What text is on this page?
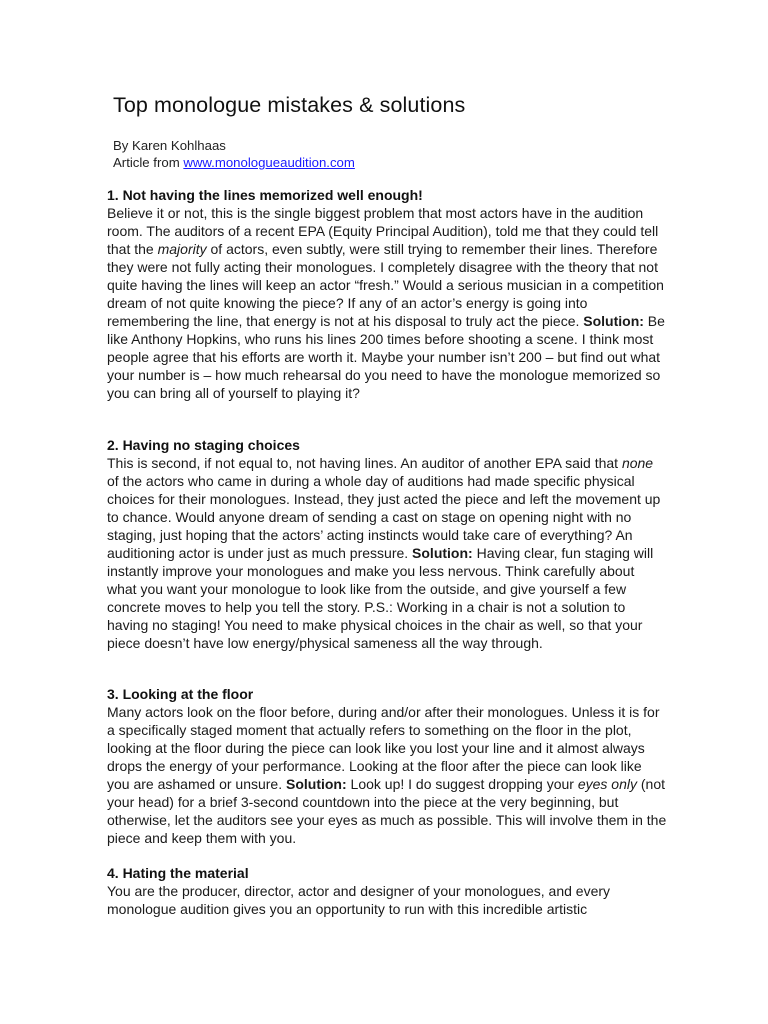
Top monologue mistakes & solutions
By Karen Kohlhaas
Article from www.monologueaudition.com
1. Not having the lines memorized well enough!

Believe it or not, this is the single biggest problem that most actors have in the audition room. The auditors of a recent EPA (Equity Principal Audition), told me that they could tell that the majority of actors, even subtly, were still trying to remember their lines. Therefore they were not fully acting their monologues. I completely disagree with the theory that not quite having the lines will keep an actor “fresh.” Would a serious musician in a competition dream of not quite knowing the piece? If any of an actor’s energy is going into remembering the line, that energy is not at his disposal to truly act the piece. Solution: Be like Anthony Hopkins, who runs his lines 200 times before shooting a scene. I think most people agree that his efforts are worth it. Maybe your number isn’t 200 – but find out what your number is – how much rehearsal do you need to have the monologue memorized so you can bring all of yourself to playing it?

2. Having no staging choices

This is second, if not equal to, not having lines. An auditor of another EPA said that none of the actors who came in during a whole day of auditions had made specific physical choices for their monologues. Instead, they just acted the piece and left the movement up to chance. Would anyone dream of sending a cast on stage on opening night with no staging, just hoping that the actors’ acting instincts would take care of everything? An auditioning actor is under just as much pressure. Solution: Having clear, fun staging will instantly improve your monologues and make you less nervous. Think carefully about what you want your monologue to look like from the outside, and give yourself a few concrete moves to help you tell the story. P.S.: Working in a chair is not a solution to having no staging! You need to make physical choices in the chair as well, so that your piece doesn’t have low energy/physical sameness all the way through.

3. Looking at the floor

Many actors look on the floor before, during and/or after their monologues. Unless it is for a specifically staged moment that actually refers to something on the floor in the plot, looking at the floor during the piece can look like you lost your line and it almost always drops the energy of your performance. Looking at the floor after the piece can look like you are ashamed or unsure. Solution: Look up! I do suggest dropping your eyes only (not your head) for a brief 3-second countdown into the piece at the very beginning, but otherwise, let the auditors see your eyes as much as possible. This will involve them in the piece and keep them with you.

4. Hating the material

You are the producer, director, actor and designer of your monologues, and every monologue audition gives you an opportunity to run with this incredible artistic
